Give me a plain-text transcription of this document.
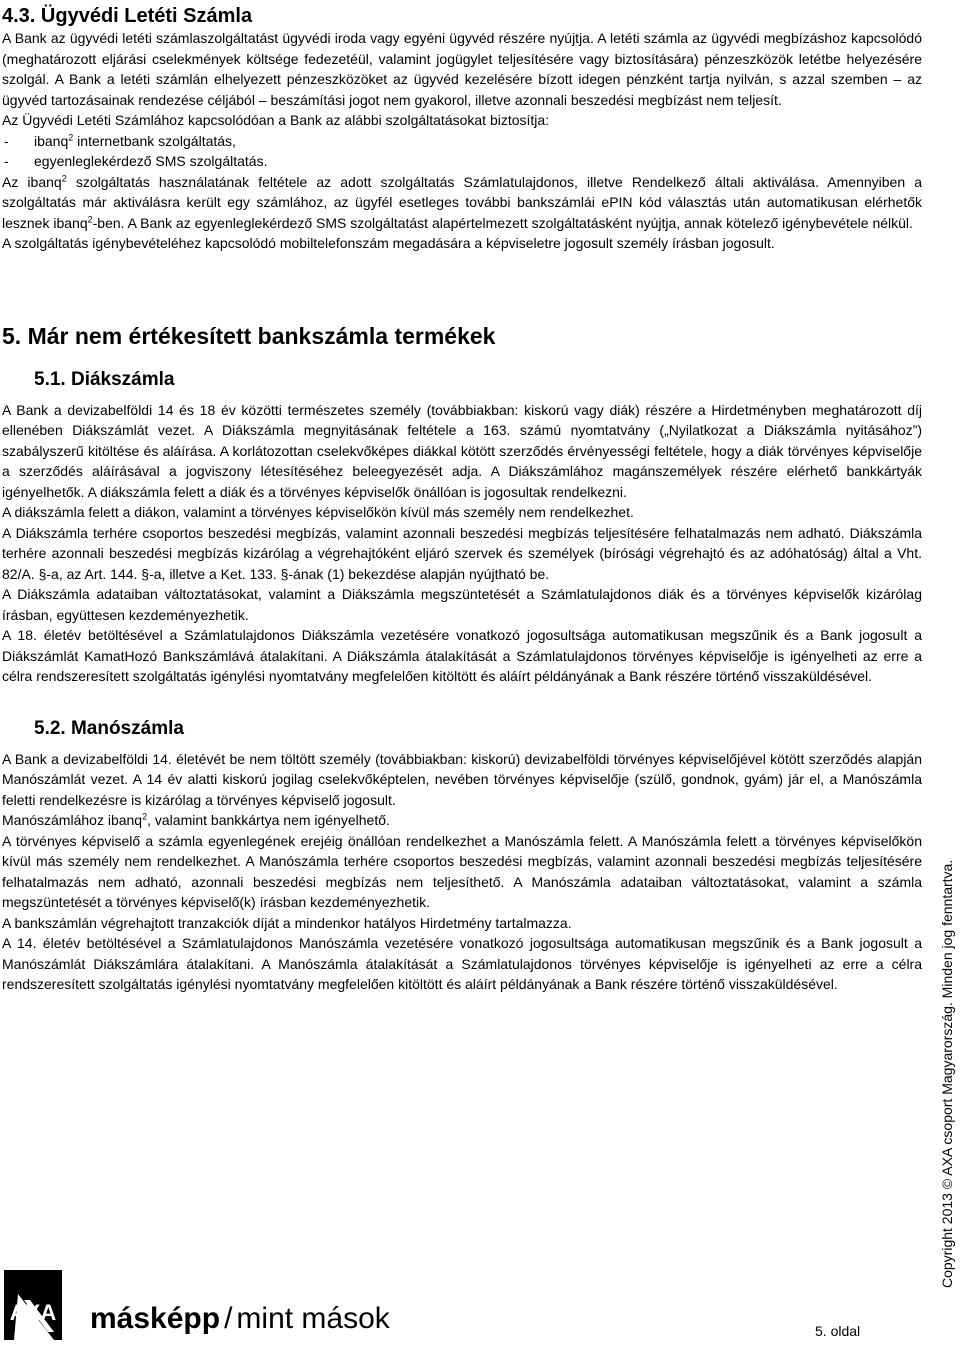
4.3. Ügyvédi Letéti Számla

A Bank az ügyvédi letéti számlaszolgáltatást ügyvédi iroda vagy egyéni ügyvéd részére nyújtja. A letéti számla az ügyvédi megbízáshoz kapcsolódó (meghatározott eljárási cselekmények költsége fedezetéül, valamint jogügylet teljesítésére vagy biztosítására) pénzeszközök letétbe helyezésére szolgál. A Bank a letéti számlán elhelyezett pénzeszközöket az ügyvéd kezelésére bízott idegen pénzként tartja nyilván, s azzal szemben – az ügyvéd tartozásainak rendezése céljából – beszámítási jogot nem gyakorol, illetve azonnali beszedési megbízást nem teljesít.

Az Ügyvédi Letéti Számlához kapcsolódóan a Bank az alábbi szolgáltatásokat biztosítja:

-	ibanq$^2$ internetbank szolgáltatás,
-	egyenleglekérdező SMS szolgáltatás.

Az ibanq$^2$ szolgáltatás használatának feltétele az adott szolgáltatás Számlatulajdonos, illetve Rendelkező általi aktiválása. Amennyiben a szolgáltatás már aktiválásra került egy számlához, az ügyfél esetleges további bankszámlái ePIN kód választás után automatikusan elérhetők lesznek ibanq$^2$-ben. A Bank az egyenleglekérdező SMS szolgáltatást alapértelmezett szolgáltatásként nyújtja, annak kötelező igénybevétele nélkül.

A szolgáltatás igénybevételéhez kapcsolódó mobiltelefonszám megadására a képviseletre jogosult személy írásban jogosult.

5. Már nem értékesített bankszámla termékek
5.1. Diákszámla

A Bank a devizabelföldi 14 és 18 év közötti természetes személy (továbbiakban: kiskorú vagy diák) részére a Hirdetményben meghatározott díj ellenében Diákszámlát vezet. A Diákszámla megnyitásának feltétele a 163. számú nyomtatvány („Nyilatkozat a Diákszámla nyitásához”) szabályszerű kitöltése és aláírása. A korlátozottan cselekvőképes diákkal kötött szerződés érvényességi feltétele, hogy a diák törvényes képviselője a szerződés aláírásával a jogviszony létesítéséhez beleegyezését adja. A Diákszámlához magánszemélyek részére elérhető bankkártyák igényelhetők. A diákszámla felett a diák és a törvényes képviselők önállóan is jogosultak rendelkezni.

A diákszámla felett a diákon, valamint a törvényes képviselőkön kívül más személy nem rendelkezhet.

A Diákszámla terhére csoportos beszedési megbízás, valamint azonnali beszedési megbízás teljesítésére felhatalmazás nem adható. Diákszámla terhére azonnali beszedési megbízás kizárólag a végrehajtóként eljáró szervek és személyek (bírósági végrehajtó és az adóhatóság) által a Vht. 82/A. §-a, az Art. 144. §-a, illetve a Ket. 133. §-ának (1) bekezdése alapján nyújtható be.

A Diákszámla adataiban változtatásokat, valamint a Diákszámla megszüntetését a Számlatulajdonos diák és a törvényes képviselők kizárólag írásban, együttesen kezdeményezhetik.

A 18. életév betöltésével a Számlatulajdonos Diákszámla vezetésére vonatkozó jogosultsága automatikusan megszűnik és a Bank jogosult a Diákszámlát KamatHozó Bankszámlává átalakítani. A Diákszámla átalakítását a Számlatulajdonos törvényes képviselője is igényelheti az erre a célra rendszeresített szolgáltatás igénylési nyomtatvány megfelelően kitöltött és aláírt példányának a Bank részére történő visszaküldésével.

5.2. Manószámla

A Bank a devizabelföldi 14. életévét be nem töltött személy (továbbiakban: kiskorú) devizabelföldi törvényes képviselőjével kötött szerződés alapján Manószámlát vezet. A 14 év alatti kiskorú jogilag cselekvőképtelen, nevében törvényes képviselője (szülő, gondnok, gyám) jár el, a Manószámla feletti rendelkezésre is kizárólag a törvényes képviselő jogosult.

Manószámlához ibanq$^2$, valamint bankkártya nem igényelhető.

A törvényes képviselő a számla egyenlegének erejéig önállóan rendelkezhet a Manószámla felett. A Manószámla felett a törvényes képviselőkön kívül más személy nem rendelkezhet. A Manószámla terhére csoportos beszedési megbízás, valamint azonnali beszedési megbízás teljesítésére felhatalmazás nem adható, azonnali beszedési megbízás nem teljesíthető. A Manószámla adataiban változtatásokat, valamint a számla megszüntetését a törvényes képviselő(k) írásban kezdeményezhetik.

A bankszámlán végrehajtott tranzakciók díját a mindenkor hatályos Hirdetmény tartalmazza.

A 14. életév betöltésével a Számlatulajdonos Manószámla vezetésére vonatkozó jogosultsága automatikusan megszűnik és a Bank jogosult a Manószámlát Diákszámlára átalakítani. A Manószámla átalakítását a Számlatulajdonos törvényes képviselője is igényelheti az erre a célra rendszeresített szolgáltatás igénylési nyomtatvány megfelelően kitöltött és aláírt példányának a Bank részére történő visszaküldésével.	Copyright 2013 © AXA csoport Magyarország. Minden jog fenntartva.
AXA másképp / mint mások	5. oldal
